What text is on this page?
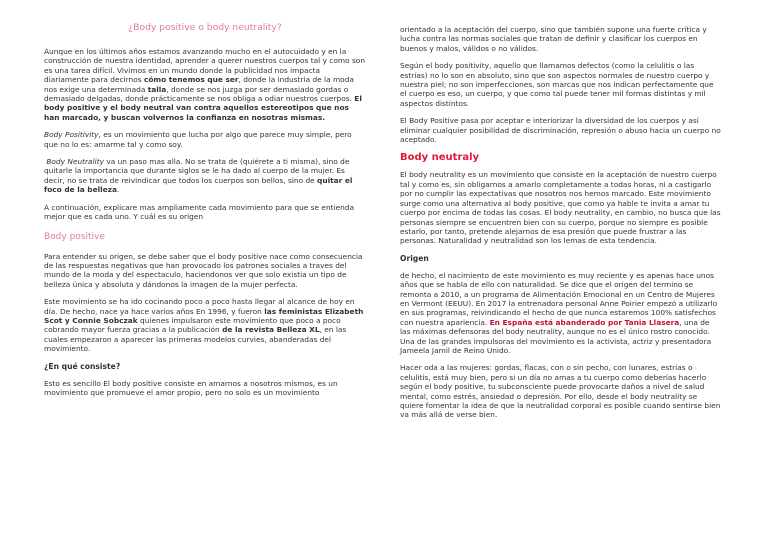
¿Body positive o body neutrality?

Aunque en los últimos años estamos avanzando mucho en el autocuidado y en la construcción de nuestra identidad, aprender a querer nuestros cuerpos tal y como son es una tarea difícil. Vivimos en un mundo donde la publicidad nos impacta diariamente para decirnos cómo tenemos que ser, donde la industria de la moda nos exige una determinada talla, donde se nos juzga por ser demasiado gordas o demasiado delgadas, donde prácticamente se nos obliga a odiar nuestros cuerpos. El body positive y el body neutral van contra aquellos estereotipos que nos han marcado, y buscan volvernos la confianza en nosotras mismas.

Body Positivity, es un movimiento que lucha por algo que parece muy simple, pero que no lo es: amarme tal y como soy.

Body Neutrality va un paso mas alla. No se trata de (quiérete a ti misma), sino de quitarle la importancia que durante siglos se le ha dado al cuerpo de la mujer. Es decir, no se trata de reivindicar que todos los cuerpos son bellos, sino de quitar el foco de la belleza.

A continuación, explicare mas ampliamente cada movimiento para que se entienda mejor que es cada uno. Y cuál es su origen

Body positive

Para entender su origen, se debe saber que el body positive nace como consecuencia de las respuestas negativas que han provocado los patrones sociales a traves del mundo de la moda y del espectaculo, haciendonos ver que solo existia un tipo de belleza única y absoluta y dándonos la imagen de la mujer perfecta.

Este movimiento se ha ido cocinando poco a poco hasta llegar al alcance de hoy en día. De hecho, nace ya hace varios años En 1996, y fueron las feministas Elizabeth Scot y Connie Sobczak quienes impulsaron este movimiento que poco a poco cobrando mayor fuerza gracias a la publicación de la revista Belleza XL, en las cuales empezaron a aparecer las primeras modelos curvies, abanderadas del movimiento.

¿En qué consiste?

Esto es sencillo El body positive consiste en amarnos a nosotros mismos, es un movimiento que promueve el amor propio, pero no solo es un movimiento

orientado a la aceptación del cuerpo, sino que también supone una fuerte crítica y lucha contra las normas sociales que tratan de definir y clasificar los cuerpos en buenos y malos, válidos o no válidos.

Según el body positivity, aquello que llamamos defectos (como la celulitis o las estrías) no lo son en absoluto, sino que son aspectos normales de nuestro cuerpo y nuestra piel; no son imperfecciones, son marcas que nos indican perfectamente que el cuerpo es eso, un cuerpo, y que como tal puede tener mil formas distintas y mil aspectos distintos.

El Body Positive pasa por aceptar e interiorizar la diversidad de los cuerpos y así eliminar cualquier posibilidad de discriminación, represión o abuso hacia un cuerpo no aceptado.

Body neutraly

El body neutrality es un movimiento que consiste en la aceptación de nuestro cuerpo tal y como es, sin obligarnos a amarlo completamente a todas horas, ni a castigarlo por no cumplir las expectativas que nosotros nos hemos marcado. Este movimiento surge como una alternativa al body positive, que como ya hable te invita a amar tu cuerpo por encima de todas las cosas. El body neutrality, en cambio, no busca que las personas siempre se encuentren bien con su cuerpo, porque no siempre es posible estarlo, por tanto, pretende alejarnos de esa presión que puede frustrar a las personas. Naturalidad y neutralidad son los lemas de esta tendencia.

Origen

de hecho, el nacimiento de este movimiento es muy reciente y es apenas hace unos años que se habla de ello con naturalidad. Se dice que el origen del termino se remonta a 2010, a un programa de Alimentación Emocional en un Centro de Mujeres en Vermont (EEUU). En 2017 la entrenadora personal Anne Poirier empezó a utilizarlo en sus programas, reivindicando el hecho de que nunca estaremos 100% satisfechos con nuestra apariencia. En España está abanderado por Tania Llasera, una de las máximas defensoras del body neutrality, aunque no es el único rostro conocido. Una de las grandes impulsoras del movimiento es la activista, actriz y presentadora Jameela Jamil de Reino Unido.

Hacer oda a las mujeres: gordas, flacas, con o sin pecho, con lunares, estrías o celulitis, está muy bien, pero si un día no amas a tu cuerpo como deberías hacerlo según el body positive, tu subconsciente puede provocarte daños a nivel de salud mental, como estrés, ansiedad o depresión. Por ello, desde el body neutrality se quiere fomentar la idea de que la neutralidad corporal es posible cuando sentirse bien va más allá de verse bien.
